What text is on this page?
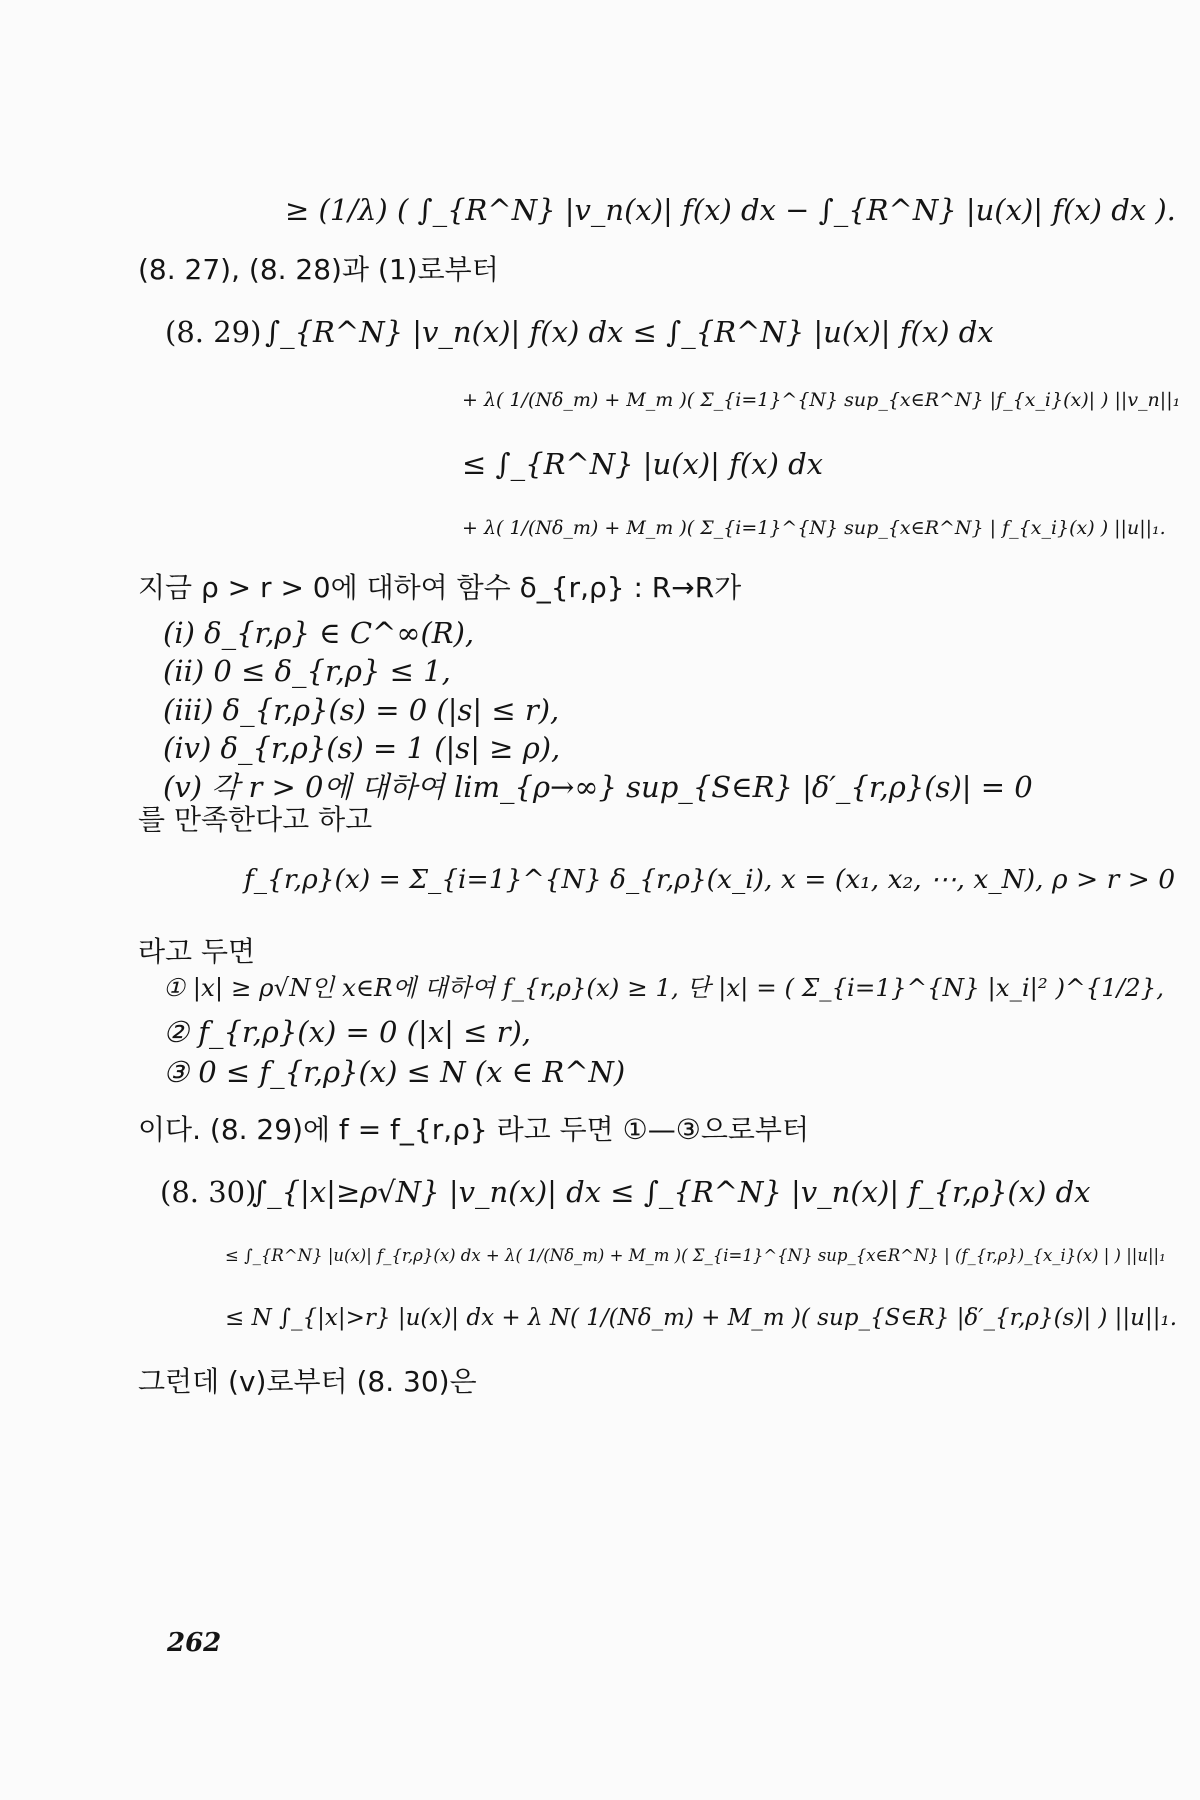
≥ (1/λ) ( ∫_{R^N} |v_n(x)| f(x) dx − ∫_{R^N} |u(x)| f(x) dx ).
(8. 27), (8. 28)과 (1)로부터
(8. 29) ∫_{R^N} |v_n(x)| f(x) dx ≤ ∫_{R^N} |u(x)| f(x) dx
+ λ( 1/(Nδ_m) + M_m )( Σ_{i=1}^{N} sup_{x∈R^N} |f_{x_i}(x)| ) ||v_n||₁
≤ ∫_{R^N} |u(x)| f(x) dx
+ λ( 1/(Nδ_m) + M_m )( Σ_{i=1}^{N} sup_{x∈R^N} | f_{x_i}(x) ) ||u||₁.
지금 ρ > r > 0에 대하여 함수 δ_{r,ρ} : R→R가
(i) δ_{r,ρ} ∈ C^∞(R),
(ii) 0 ≤ δ_{r,ρ} ≤ 1,
(iii) δ_{r,ρ}(s) = 0 (|s| ≤ r),
(iv) δ_{r,ρ}(s) = 1 (|s| ≥ ρ),
(v) 각 r > 0에 대하여 lim_{ρ→∞} sup_{S∈R} |δ′_{r,ρ}(s)| = 0
를 만족한다고 하고
f_{r,ρ}(x) = Σ_{i=1}^{N} δ_{r,ρ}(x_i), x = (x₁, x₂, ⋯, x_N), ρ > r > 0
라고 두면
① |x| ≥ ρ√N인 x∈R에 대하여 f_{r,ρ}(x) ≥ 1, 단 |x| = ( Σ_{i=1}^{N} |x_i|² )^{1/2},
② f_{r,ρ}(x) = 0 (|x| ≤ r),
③ 0 ≤ f_{r,ρ}(x) ≤ N (x ∈ R^N)
이다. (8. 29)에 f = f_{r,ρ} 라고 두면 ①—③으로부터
(8. 30)
∫_{|x|≥ρ√N} |v_n(x)| dx ≤ ∫_{R^N} |v_n(x)| f_{r,ρ}(x) dx
≤ ∫_{R^N} |u(x)| f_{r,ρ}(x) dx + λ( 1/(Nδ_m) + M_m )( Σ_{i=1}^{N} sup_{x∈R^N} | (f_{r,ρ})_{x_i}(x) | ) ||u||₁
≤ N ∫_{|x|>r} |u(x)| dx + λ N( 1/(Nδ_m) + M_m )( sup_{S∈R} |δ′_{r,ρ}(s)| ) ||u||₁.
그런데 (v)로부터 (8. 30)은
262
